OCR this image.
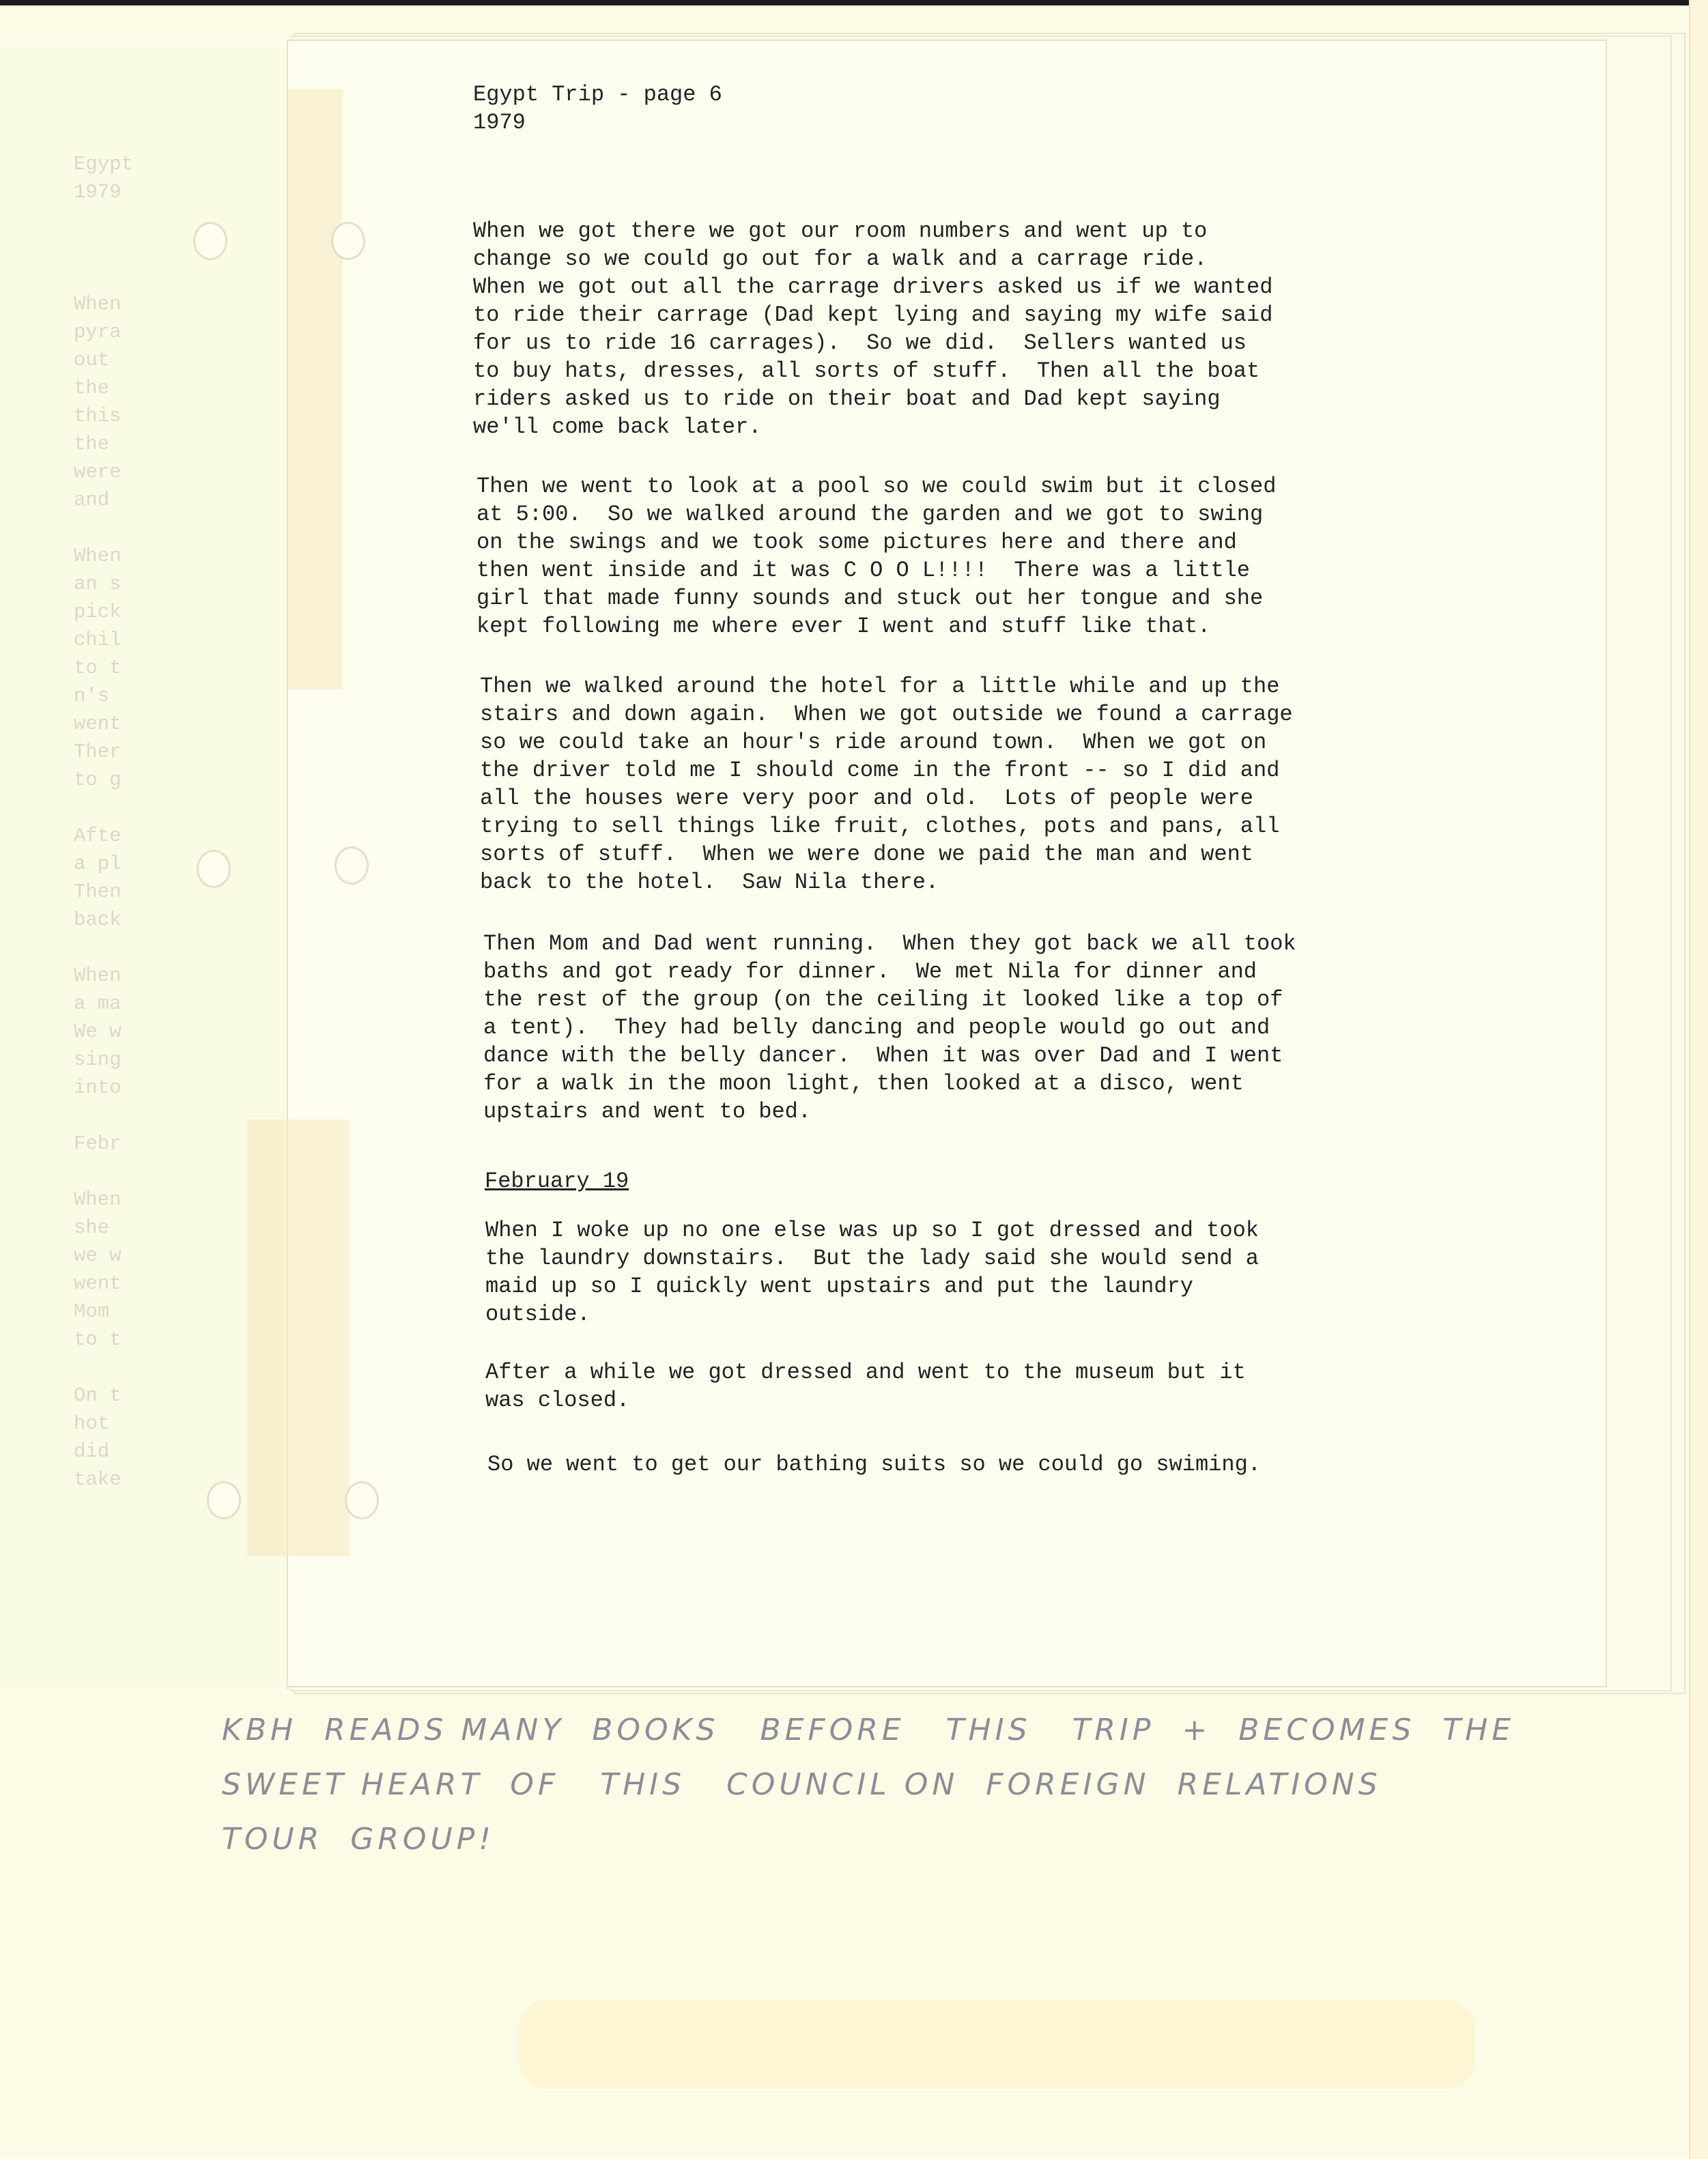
Egypt
1979

When
pyra
out
the
this
the
were
and

When
an s
pick
chil
to t
n's
went
Ther
to g

Afte
a pl
Then
back

When
a ma
We w
sing
into

Febr

When
she
we w
went
Mom
to t

On t
hot
did
take
Egypt Trip - page 6
1979
When we got there we got our room numbers and went up to
change so we could go out for a walk and a carrage ride.
When we got out all the carrage drivers asked us if we wanted
to ride their carrage (Dad kept lying and saying my wife said
for us to ride 16 carrages).  So we did.  Sellers wanted us
to buy hats, dresses, all sorts of stuff.  Then all the boat
riders asked us to ride on their boat and Dad kept saying
we'll come back later.
Then we went to look at a pool so we could swim but it closed
at 5:00.  So we walked around the garden and we got to swing
on the swings and we took some pictures here and there and
then went inside and it was C O O L!!!!  There was a little
girl that made funny sounds and stuck out her tongue and she
kept following me where ever I went and stuff like that.
Then we walked around the hotel for a little while and up the
stairs and down again.  When we got outside we found a carrage
so we could take an hour's ride around town.  When we got on
the driver told me I should come in the front -- so I did and
all the houses were very poor and old.  Lots of people were
trying to sell things like fruit, clothes, pots and pans, all
sorts of stuff.  When we were done we paid the man and went
back to the hotel.  Saw Nila there.
Then Mom and Dad went running.  When they got back we all took
baths and got ready for dinner.  We met Nila for dinner and
the rest of the group (on the ceiling it looked like a top of
a tent).  They had belly dancing and people would go out and
dance with the belly dancer.  When it was over Dad and I went
for a walk in the moon light, then looked at a disco, went
upstairs and went to bed.
February 19
When I woke up no one else was up so I got dressed and took
the laundry downstairs.  But the lady said she would send a
maid up so I quickly went upstairs and put the laundry
outside.
After a while we got dressed and went to the museum but it
was closed.
So we went to get our bathing suits so we could go swiming.
KBH  READS MANY  BOOKS   BEFORE   THIS   TRIP  +  BECOMES  THE
SWEET HEART  OF   THIS   COUNCIL ON  FOREIGN  RELATIONS
TOUR  GROUP!
